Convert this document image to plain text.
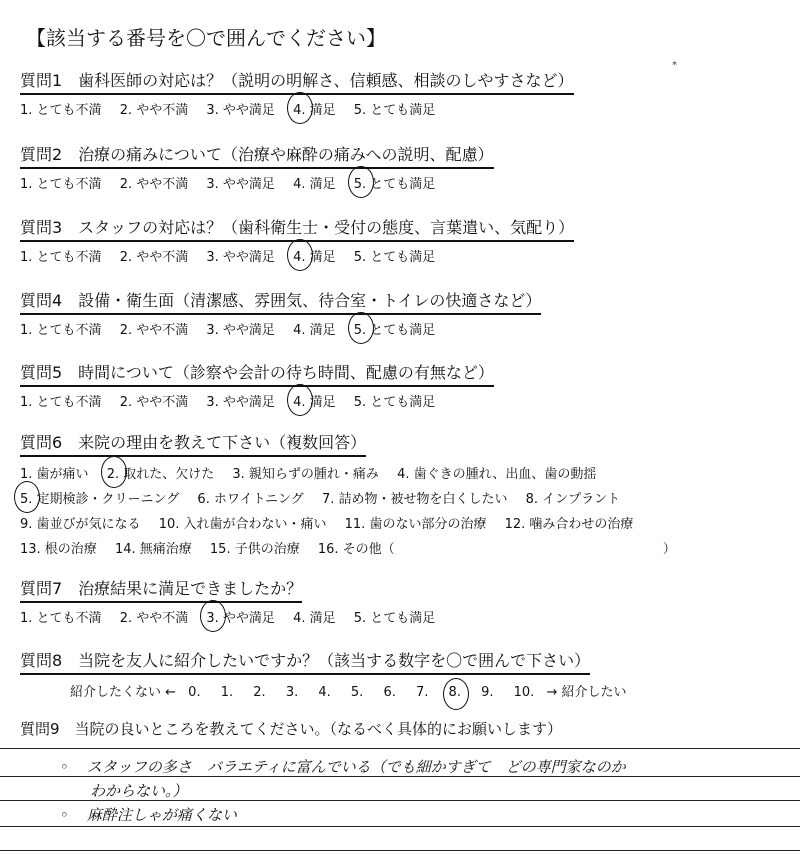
【該当する番号を〇で囲んでください】
*
質問1　歯科医師の対応は？（説明の明解さ、信頼感、相談のしやすさなど）
1. とても不満 2. やや不満 3. やや満足 4. 満足 5. とても満足
質問2　治療の痛みについて（治療や麻酔の痛みへの説明、配慮）
1. とても不満 2. やや不満 3. やや満足 4. 満足 5. とても満足
質問3　スタッフの対応は？（歯科衛生士・受付の態度、言葉遣い、気配り）
1. とても不満 2. やや不満 3. やや満足 4. 満足 5. とても満足
質問4　設備・衛生面（清潔感、雰囲気、待合室・トイレの快適さなど）
1. とても不満 2. やや不満 3. やや満足 4. 満足 5. とても満足
質問5　時間について（診察や会計の待ち時間、配慮の有無など）
1. とても不満 2. やや不満 3. やや満足 4. 満足 5. とても満足
質問6　来院の理由を教えて下さい（複数回答）
1. 歯が痛い 2. 取れた、欠けた 3. 親知らずの腫れ・痛み 4. 歯ぐきの腫れ、出血、歯の動揺
5. 定期検診・クリーニング 6. ホワイトニング 7. 詰め物・被せ物を白くしたい 8. インプラント
9. 歯並びが気になる 10. 入れ歯が合わない・痛い 11. 歯のない部分の治療 12. 噛み合わせの治療
13. 根の治療 14. 無痛治療 15. 子供の治療 16. その他（	）
質問7　治療結果に満足できましたか？
1. とても不満 2. やや不満 3. やや満足 4. 満足 5. とても満足
質問8　当院を友人に紹介したいですか？（該当する数字を〇で囲んで下さい）
紹介したくない ← 0. 1. 2. 3. 4. 5. 6. 7. 8. 9. 10. → 紹介したい
質問9　当院の良いところを教えてください。（なるべく具体的にお願いします）
◦ スタッフの多さ　バラエティに富んでいる（でも細かすぎて　どの専門家なのか
わからない。）
◦ 麻酔注しゃが痛くない
